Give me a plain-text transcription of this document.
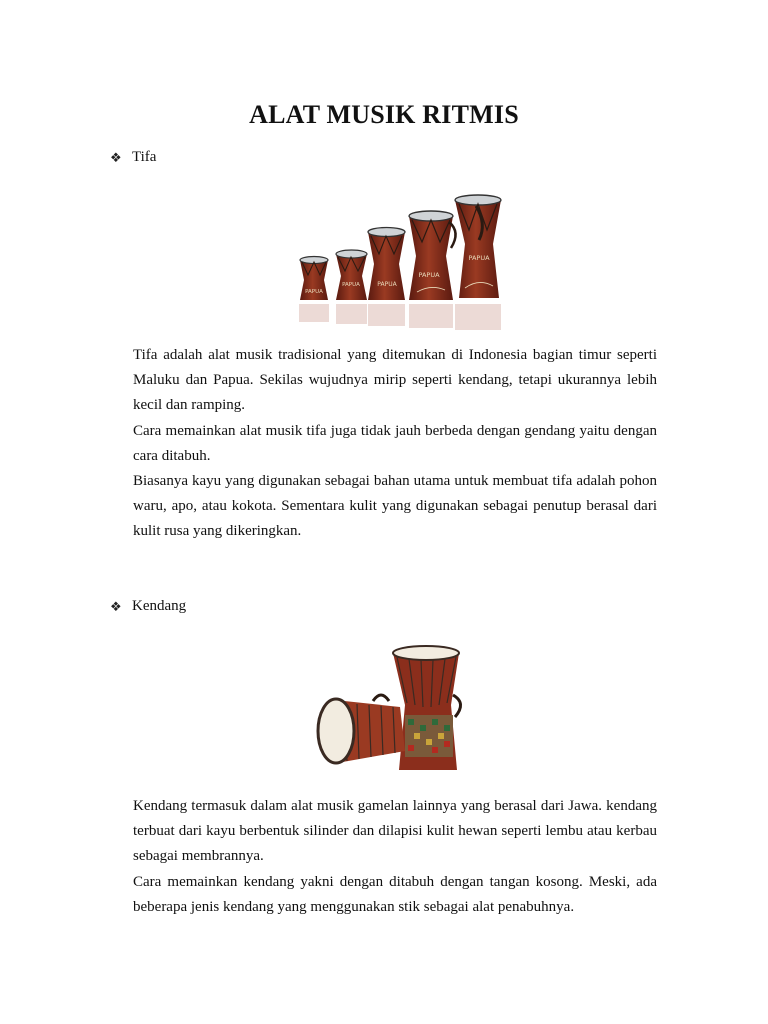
ALAT MUSIK RITMIS
❖ Tifa
PAPUA
PAPUA	PAPUA
PAPUA
PAPUA

Tifa adalah alat musik tradisional yang ditemukan di Indonesia bagian timur seperti Maluku dan Papua. Sekilas wujudnya mirip seperti kendang, tetapi ukurannya lebih kecil dan ramping.

Cara memainkan alat musik tifa juga tidak jauh berbeda dengan gendang yaitu dengan cara ditabuh.

Biasanya kayu yang digunakan sebagai bahan utama untuk membuat tifa adalah pohon waru, apo, atau kokota. Sementara kulit yang digunakan sebagai penutup berasal dari kulit rusa yang dikeringkan.

❖ Kendang

Kendang termasuk dalam alat musik gamelan lainnya yang berasal dari Jawa. kendang terbuat dari kayu berbentuk silinder dan dilapisi kulit hewan seperti lembu atau kerbau sebagai membrannya.

Cara memainkan kendang yakni dengan ditabuh dengan tangan kosong. Meski, ada beberapa jenis kendang yang menggunakan stik sebagai alat penabuhnya.
